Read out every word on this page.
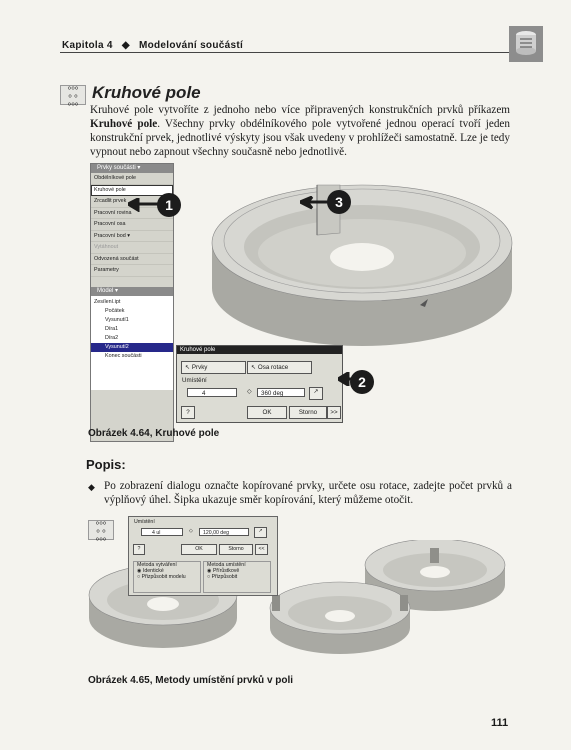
Kapitola 4 ◆ Modelování součástí
°°°
° °
°°°
Kruhové pole
Kruhové pole vytvoříte z jednoho nebo více připravených konstrukčních prvků příkazem Kruhové pole. Všechny prvky obdélníkového pole vytvořené jednou operací tvoří jeden konstrukční prvek, jednotlivé výskyty jsou však uvedeny v prohlížeči samostatně. Lze je tedy vypnout nebo zapnout všechny současně nebo jednotlivě.
3
Prvky součásti ▾
Obdélníkové pole
Kruhové pole
Zrcadlit prvek
Pracovní rovina
Pracovní osa
Pracovní bod ▾
Vytáhnout
Odvozená součást
Parametry
Model ▾
Zesílení.ipt
Počátek
Vysunutí1
Díra1
Díra2
Vysunutí2
Konec součásti
1
Kruhové pole
↖ Prvky	↖ Osa rotace
Umístění
4	◇	360 deg	↗
?	OK	Storno	>>
2
Obrázek 4.64, Kruhové pole
Popis:
◆ Po zobrazení dialogu označte kopírované prvky, určete osu rotace, zadejte počet prvků a výplňový úhel. Šipka ukazuje směr kopírování, který můžeme otočit.
°°°
° °
°°°
Umístění
4 ul	◇	120,00 deg	↗
?	OK	Storno	<<
Metoda vytváření
◉ Identické
○ Přizpůsobit modelu
Metoda umístění
◉ Přírůstkově
○ Přizpůsobit
Obrázek 4.65, Metody umístění prvků v poli
111
